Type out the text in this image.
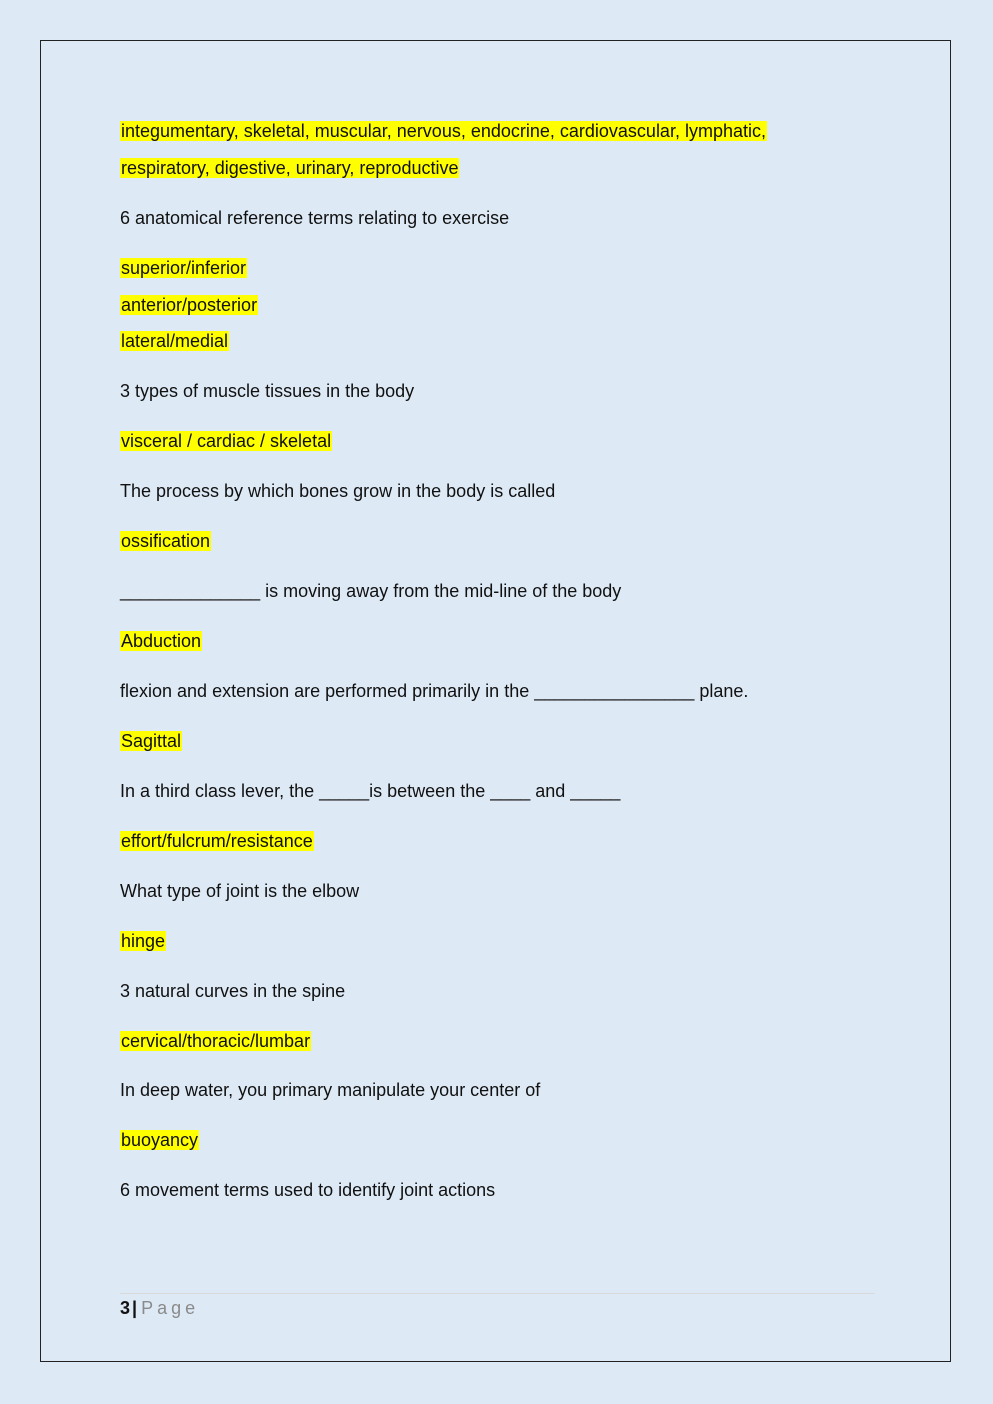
integumentary, skeletal, muscular, nervous, endocrine, cardiovascular, lymphatic,
respiratory, digestive, urinary, reproductive
6 anatomical reference terms relating to exercise
superior/inferior
anterior/posterior
lateral/medial
3 types of muscle tissues in the body
visceral / cardiac / skeletal
The process by which bones grow in the body is called
ossification
______________ is moving away from the mid-line of the body
Abduction
flexion and extension are performed primarily in the ________________ plane.
Sagittal
In a third class lever, the _____is between the ____ and _____
effort/fulcrum/resistance
What type of joint is the elbow
hinge
3 natural curves in the spine
cervical/thoracic/lumbar
In deep water, you primary manipulate your center of
buoyancy
6 movement terms used to identify joint actions
3 | Page
